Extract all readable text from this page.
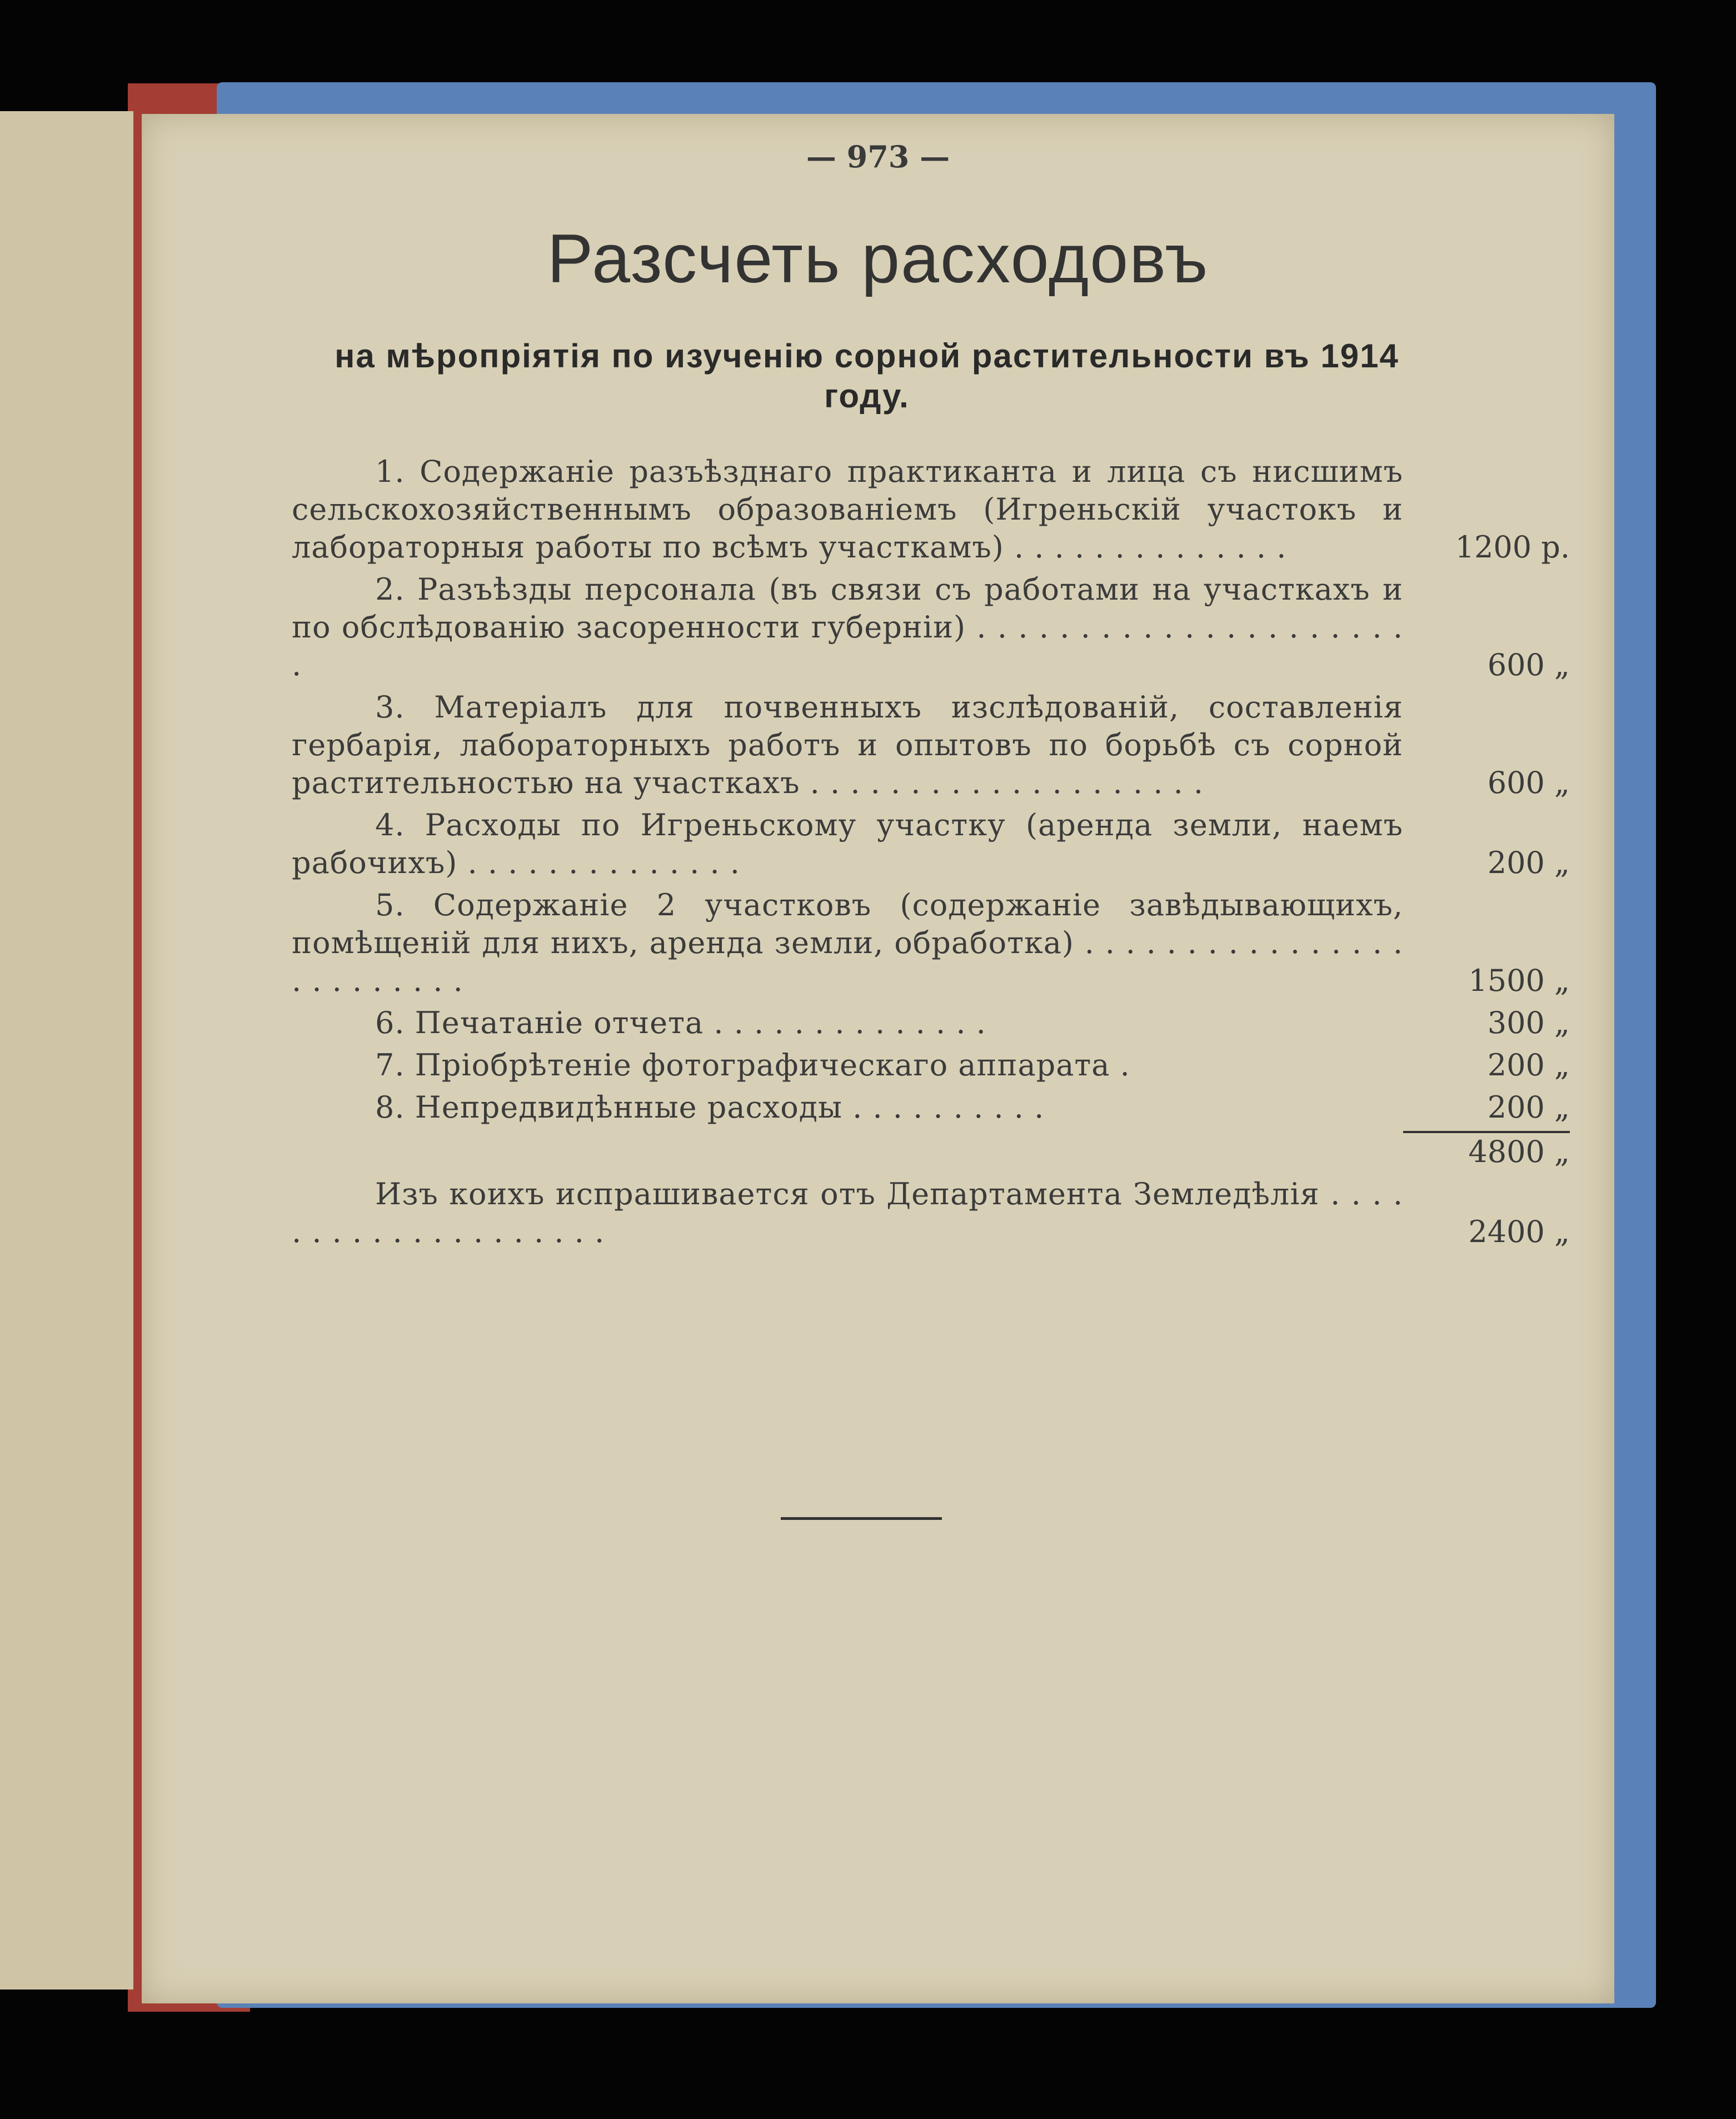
— 973 —
Разсчеть расходовъ
на мѣропріятія по изученію сорной растительности въ 1914 году.
1. Содержаніе разъѣзднаго практиканта и лица съ нисшимъ сельскохозяйственнымъ образованіемъ (Игреньскій участокъ и лабораторныя работы по всѣмъ участкамъ) . . . . . . . . . . . . . .	1200 р.
2. Разъѣзды персонала (въ связи съ работами на участкахъ и по обслѣдованію засоренности губерніи) . . . . . . . . . . . . . . . . . . . . . .	600 „
3. Матеріалъ для почвенныхъ изслѣдованій, составленія гербарія, лабораторныхъ работъ и опытовъ по борьбѣ съ сорной растительностью на участкахъ . . . . . . . . . . . . . . . . . . . .	600 „
4. Расходы по Игреньскому участку (аренда земли, наемъ рабочихъ) . . . . . . . . . . . . . .	200 „
5. Содержаніе 2 участковъ (содержаніе завѣдывающихъ, помѣщеній для нихъ, аренда земли, обработка) . . . . . . . . . . . . . . . . . . . . . . . . .	1500 „
6. Печатаніе отчета . . . . . . . . . . . . . .	300 „
7. Пріобрѣтеніе фотографическаго аппарата .	200 „
8. Непредвидѣнные расходы . . . . . . . . . .	200 „
4800 „
Изъ коихъ испрашивается отъ Департамента Земледѣлія . . . . . . . . . . . . . . . . . . . .	2400 „
